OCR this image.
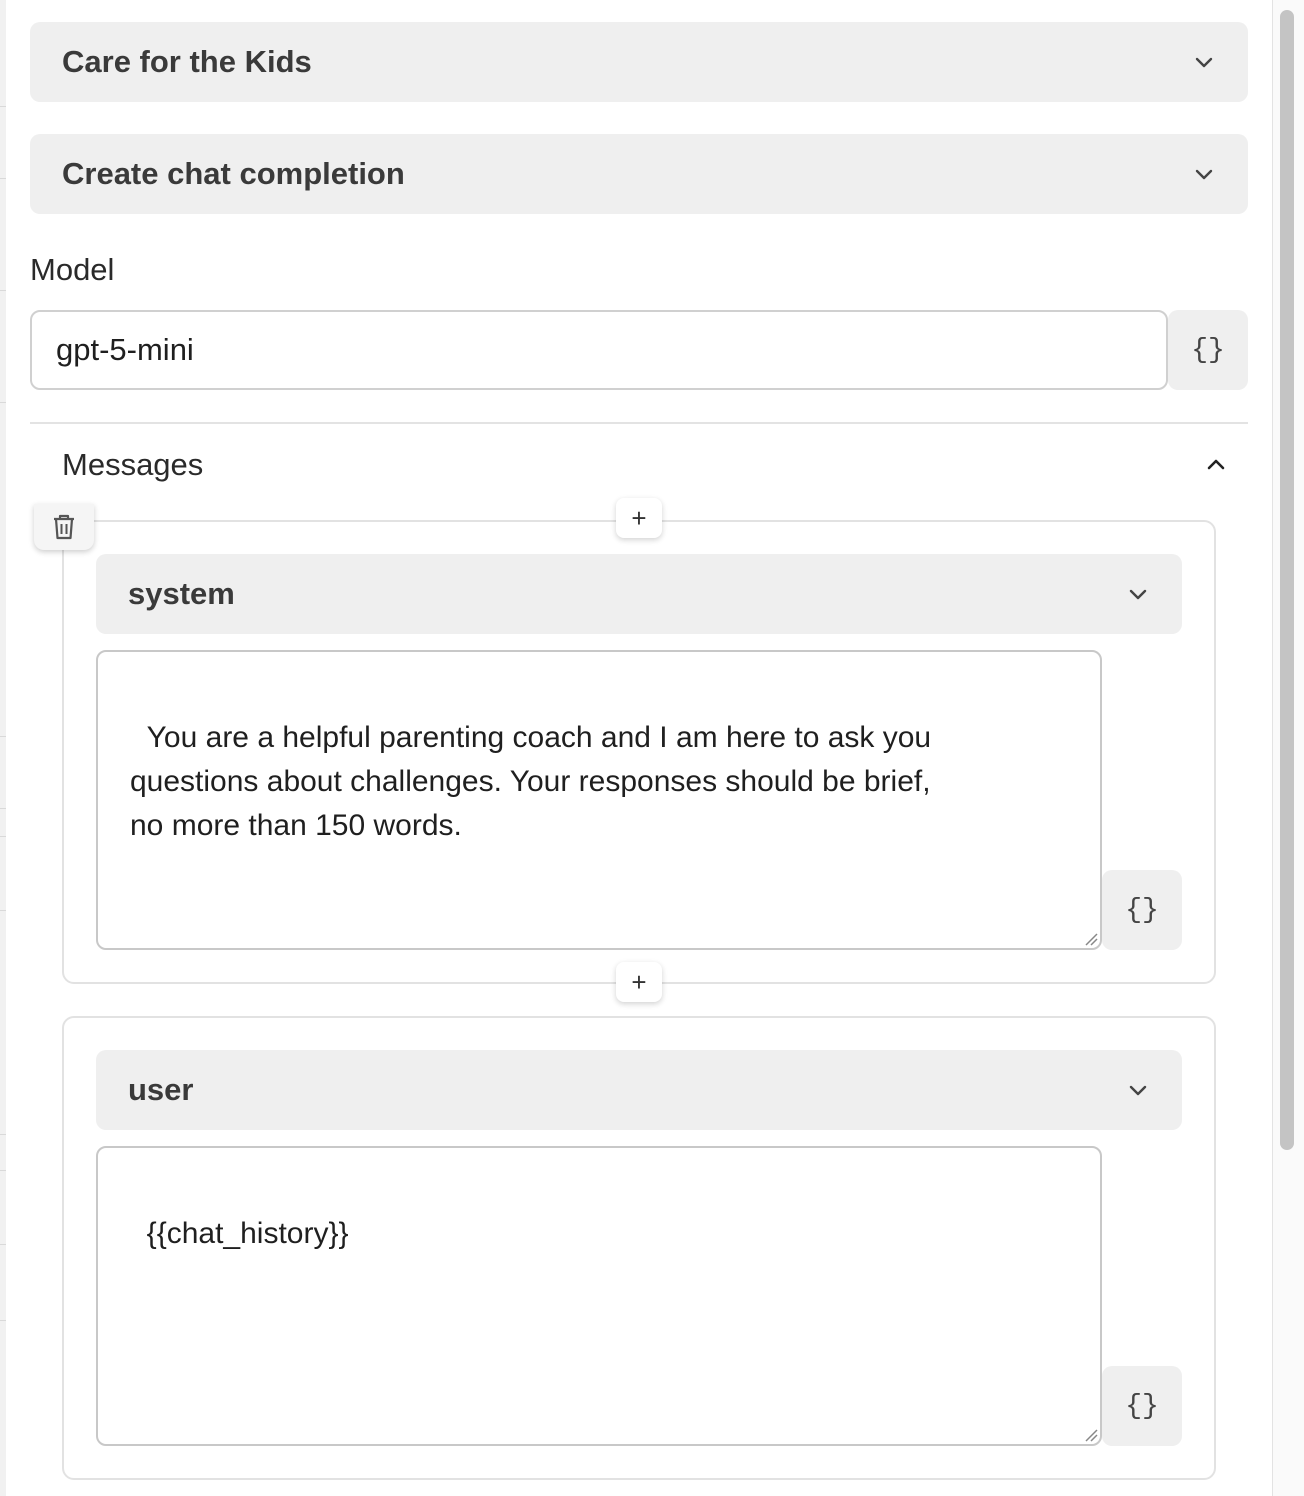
Care for the Kids
Create chat completion
Model
gpt-5-mini
{}
Messages
system

You are a helpful parenting coach and I am here to ask you
questions about challenges. Your responses should be brief,
no more than 150 words.

{}
user

{{chat_history}}

{}
+
+
